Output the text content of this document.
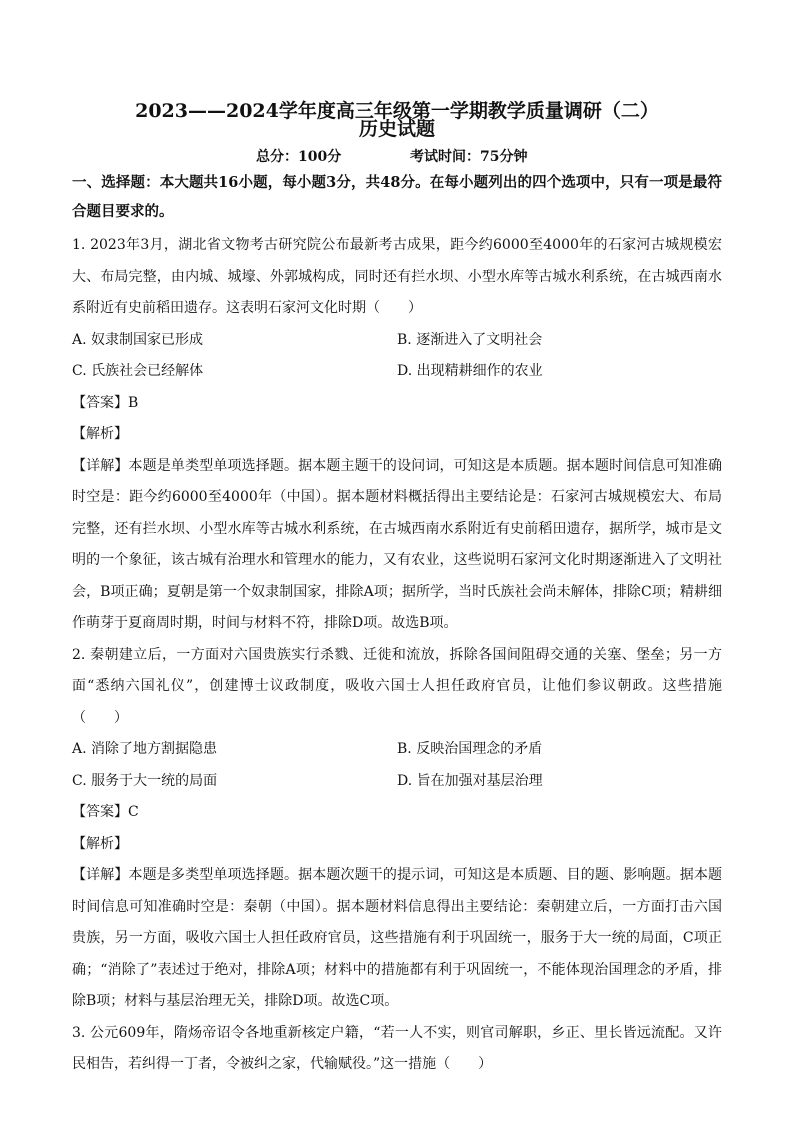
2023——2024学年度高三年级第一学期教学质量调研（二）
历史试题
总分：100分	考试时间：75分钟

一、选择题：本大题共16小题，每小题3分，共48分。在每小题列出的四个选项中，只有一项是最符合题目要求的。

1. 2023年3月，湖北省文物考古研究院公布最新考古成果，距今约6000至4000年的石家河古城规模宏大、布局完整，由内城、城壕、外郭城构成，同时还有拦水坝、小型水库等古城水利系统，在古城西南水系附近有史前稻田遗存。这表明石家河文化时期（　　）

A. 奴隶制国家已形成	B. 逐渐进入了文明社会
C. 氏族社会已经解体	D. 出现精耕细作的农业

【答案】B

【解析】

【详解】本题是单类型单项选择题。据本题主题干的设问词，可知这是本质题。据本题时间信息可知准确时空是：距今约6000至4000年（中国）。据本题材料概括得出主要结论是：石家河古城规模宏大、布局完整，还有拦水坝、小型水库等古城水利系统，在古城西南水系附近有史前稻田遗存，据所学，城市是文明的一个象征，该古城有治理水和管理水的能力，又有农业，这些说明石家河文化时期逐渐进入了文明社会，B项正确；夏朝是第一个奴隶制国家，排除A项；据所学，当时氏族社会尚未解体，排除C项；精耕细作萌芽于夏商周时期，时间与材料不符，排除D项。故选B项。

2. 秦朝建立后，一方面对六国贵族实行杀戮、迁徙和流放，拆除各国间阻碍交通的关塞、堡垒；另一方面“悉纳六国礼仪”，创建博士议政制度，吸收六国士人担任政府官员，让他们参议朝政。这些措施（　　）

A. 消除了地方割据隐患	B. 反映治国理念的矛盾
C. 服务于大一统的局面	D. 旨在加强对基层治理

【答案】C

【解析】

【详解】本题是多类型单项选择题。据本题次题干的提示词，可知这是本质题、目的题、影响题。据本题时间信息可知准确时空是：秦朝（中国）。据本题材料信息得出主要结论：秦朝建立后，一方面打击六国贵族，另一方面，吸收六国士人担任政府官员，这些措施有利于巩固统一，服务于大一统的局面，C项正确；“消除了”表述过于绝对，排除A项；材料中的措施都有利于巩固统一，不能体现治国理念的矛盾，排除B项；材料与基层治理无关，排除D项。故选C项。

3. 公元609年，隋炀帝诏令各地重新核定户籍，“若一人不实，则官司解职，乡正、里长皆远流配。又许民相告，若纠得一丁者，令被纠之家，代输赋役。”这一措施（　　）
